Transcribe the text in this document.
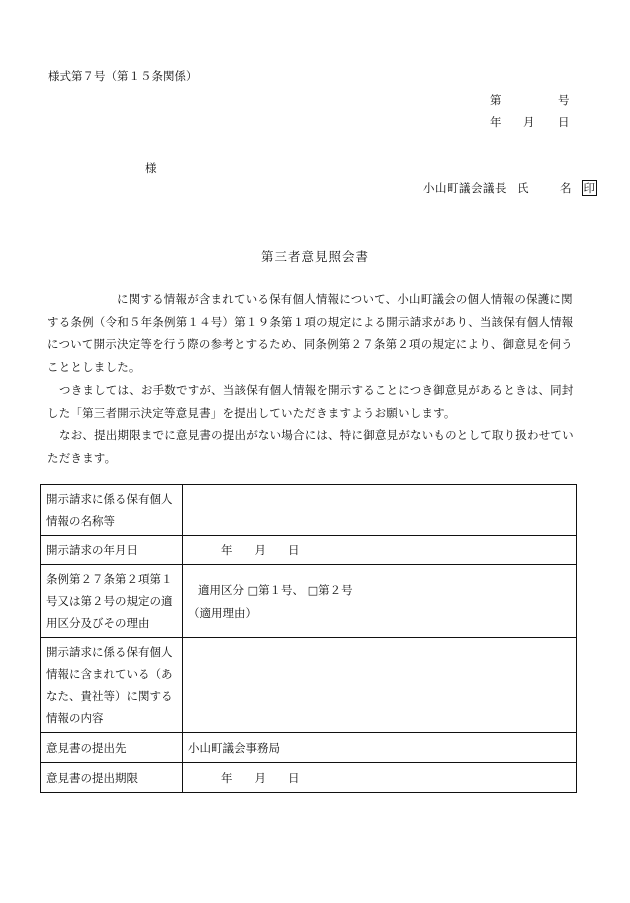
様式第７号（第１５条関係）
第	号
年 月 日
様
小山町議会議長 氏　名 印
第三者意見照会書

に関する情報が含まれている保有個人情報について、小山町議会の個人情報の保護に関する条例（令和５年条例第１４号）第１９条第１項の規定による開示請求があり、当該保有個人情報について開示決定等を行う際の参考とするため、同条例第２７条第２項の規定により、御意見を伺うこととしました。

つきましては、お手数ですが、当該保有個人情報を開示することにつき御意見があるときは、同封した「第三者開示決定等意見書」を提出していただきますようお願いします。

なお、提出期限までに意見書の提出がない場合には、特に御意見がないものとして取り扱わせていただきます。

開示請求に係る保有個人情報の名称等	
開示請求の年月日	年 月 日
条例第２７条第２項第１号又は第２号の規定の適用区分及びその理由	適用区分 □第１号、 □第２号
（適用理由）

開示請求に係る保有個人情報に含まれている（あなた、貴社等）に関する情報の内容	
意見書の提出先	小山町議会事務局
意見書の提出期限	年 月 日
